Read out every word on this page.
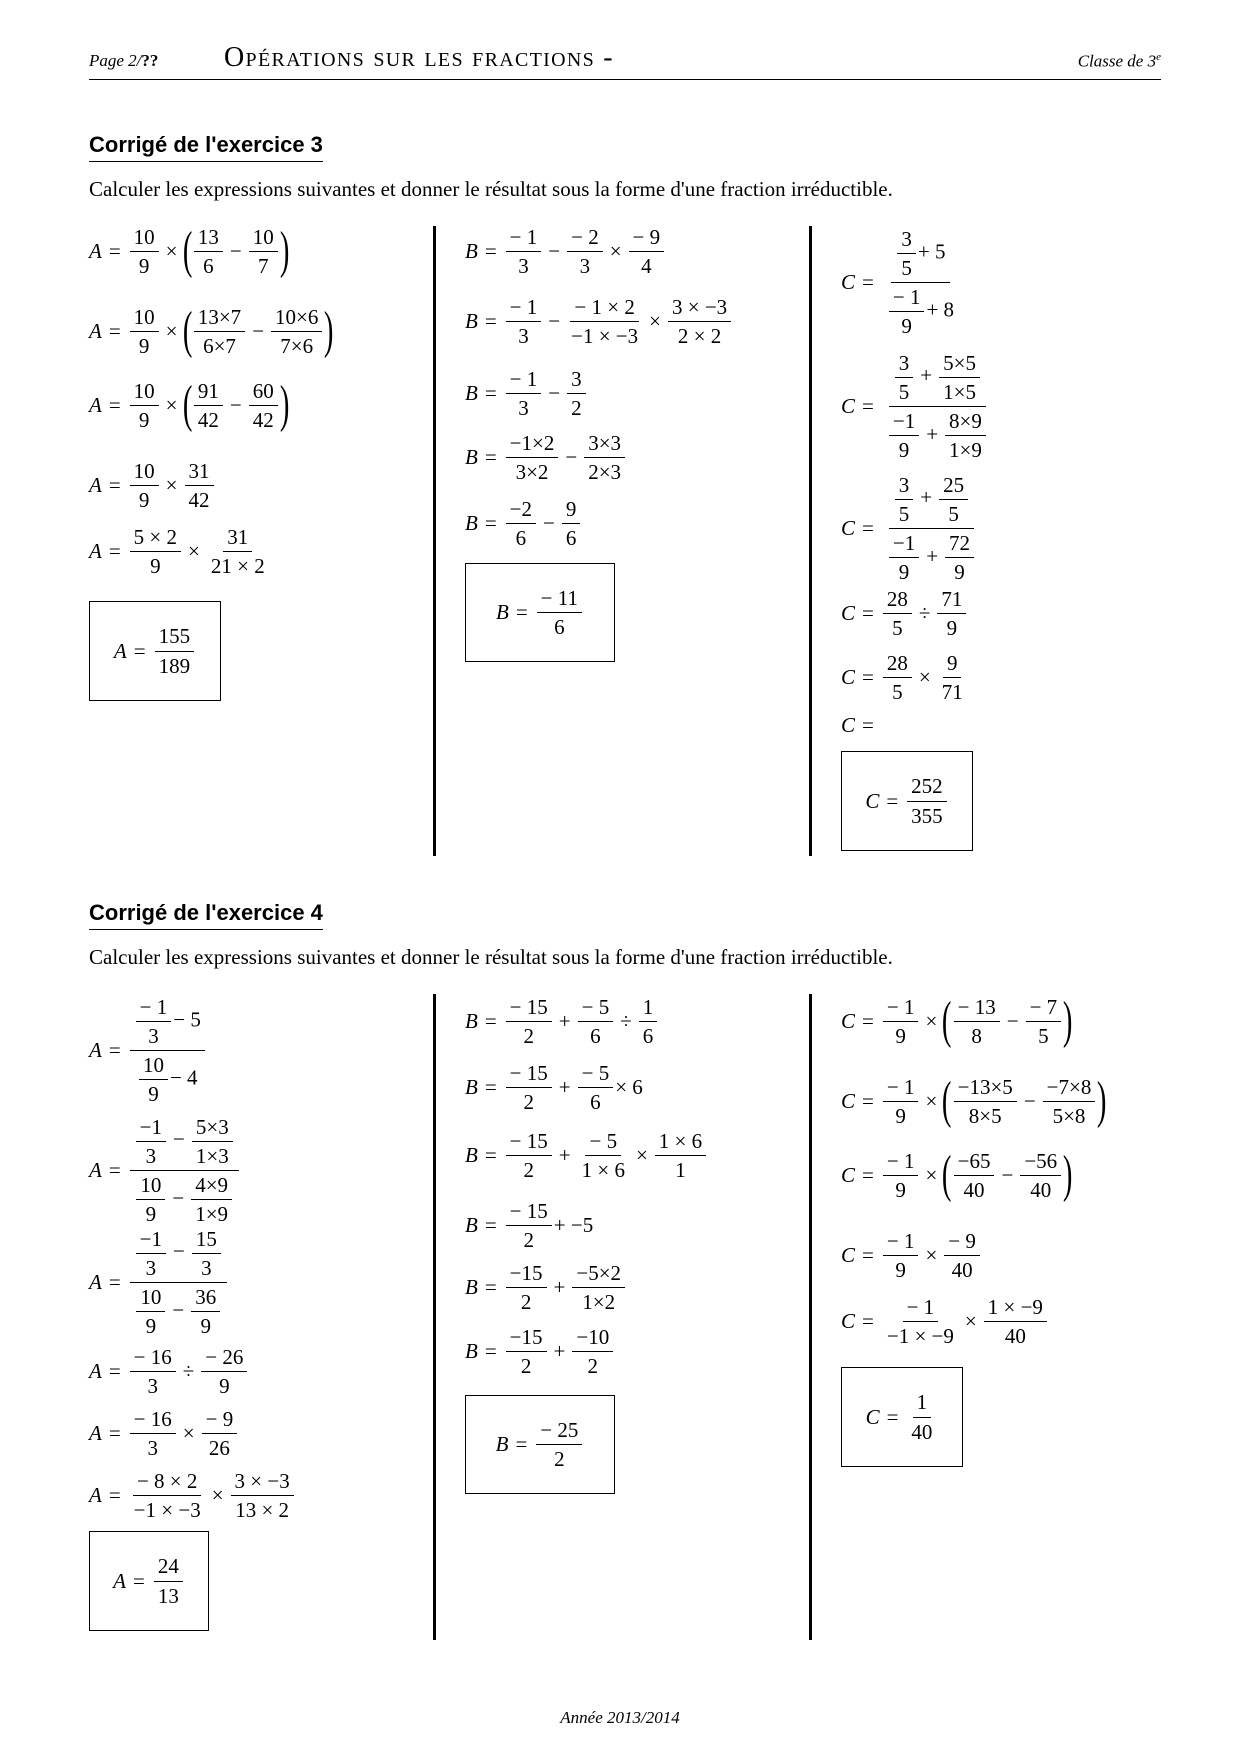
Page 2/?? Opérations sur les fractions -	Classe de 3e
Corrigé de l'exercice 3
Calculer les expressions suivantes et donner le résultat sous la forme d'une fraction irréductible.
$A = \frac{10}{9}$ × ( $\frac{13}{6} - \frac{10}{7}$ )
$A = \frac{10}{9}$ × ( $\frac{13\times 7}{6\times 7} - \frac{10\times 6}{7\times 6}$ )
$A = \frac{10}{9}$ × ( $\frac{91}{42} - \frac{60}{42}$ )
$A = \frac{10}{9} \times \frac{31}{42}$
$A = \frac{5 \times 2}{9} \times \frac{31}{21 \times 2}$
$A = \frac{155}{189}$
$B = \frac{- 1}{3} - \frac{- 2}{3} \times \frac{- 9}{4}$
$B = \frac{- 1}{3} - \frac{- 1 \times 2}{-1 \times -3} \times \frac{3 \times -3}{2 \times 2}$
$B = \frac{- 1}{3} - \frac{3}{2}$
$B = \frac{-1\times 2}{3\times 2} - \frac{3\times 3}{2\times 3}$
$B = \frac{-2}{6} - \frac{9}{6}$
$B = \frac{- 11}{6}$
$C = \frac{\frac{3}{5} + 5}{\frac{- 1}{9} + 8}$
$C = \frac{\frac{3}{5} + \frac{5\times 5}{1\times 5}}{\frac{-1}{9} + \frac{8\times 9}{1\times 9}}$
$C = \frac{\frac{3}{5} + \frac{25}{5}}{\frac{-1}{9} + \frac{72}{9}}$
$C = \frac{28}{5} \div \frac{71}{9}$
$C = \frac{28}{5} \times \frac{9}{71}$
C =
$C = \frac{252}{355}$
Corrigé de l'exercice 4
Calculer les expressions suivantes et donner le résultat sous la forme d'une fraction irréductible.
$A = \frac{\frac{- 1}{3} - 5}{\frac{10}{9} - 4}$
$A = \frac{\frac{-1}{3} - \frac{5\times 3}{1\times 3}}{\frac{10}{9} - \frac{4\times 9}{1\times 9}}$
$A = \frac{\frac{-1}{3} - \frac{15}{3}}{\frac{10}{9} - \frac{36}{9}}$
$A = \frac{- 16}{3} \div \frac{- 26}{9}$
$A = \frac{- 16}{3} \times \frac{- 9}{26}$
$A = \frac{- 8 \times 2}{-1 \times -3} \times \frac{3 \times -3}{13 \times 2}$
$A = \frac{24}{13}$
$B = \frac{- 15}{2} + \frac{- 5}{6} \div \frac{1}{6}$
$B = \frac{- 15}{2} + \frac{- 5}{6} \times 6$
$B = \frac{- 15}{2} + \frac{- 5}{1 \times 6} \times \frac{1 \times 6}{1}$
$B = \frac{- 15}{2} + -5$
$B = \frac{-15}{2} + \frac{-5\times 2}{1\times 2}$
$B = \frac{-15}{2} + \frac{-10}{2}$
$B = \frac{- 25}{2}$
$C = \frac{- 1}{9}$ × ( $\frac{- 13}{8} - \frac{- 7}{5}$ )
$C = \frac{- 1}{9}$ × ( $\frac{-13\times 5}{8\times 5} - \frac{-7\times 8}{5\times 8}$ )
$C = \frac{- 1}{9}$ × ( $\frac{-65}{40} - \frac{-56}{40}$ )
$C = \frac{- 1}{9} \times \frac{- 9}{40}$
$C = \frac{- 1}{-1 \times -9} \times \frac{1 \times -9}{40}$
$C = \frac{1}{40}$
Année 2013/2014
